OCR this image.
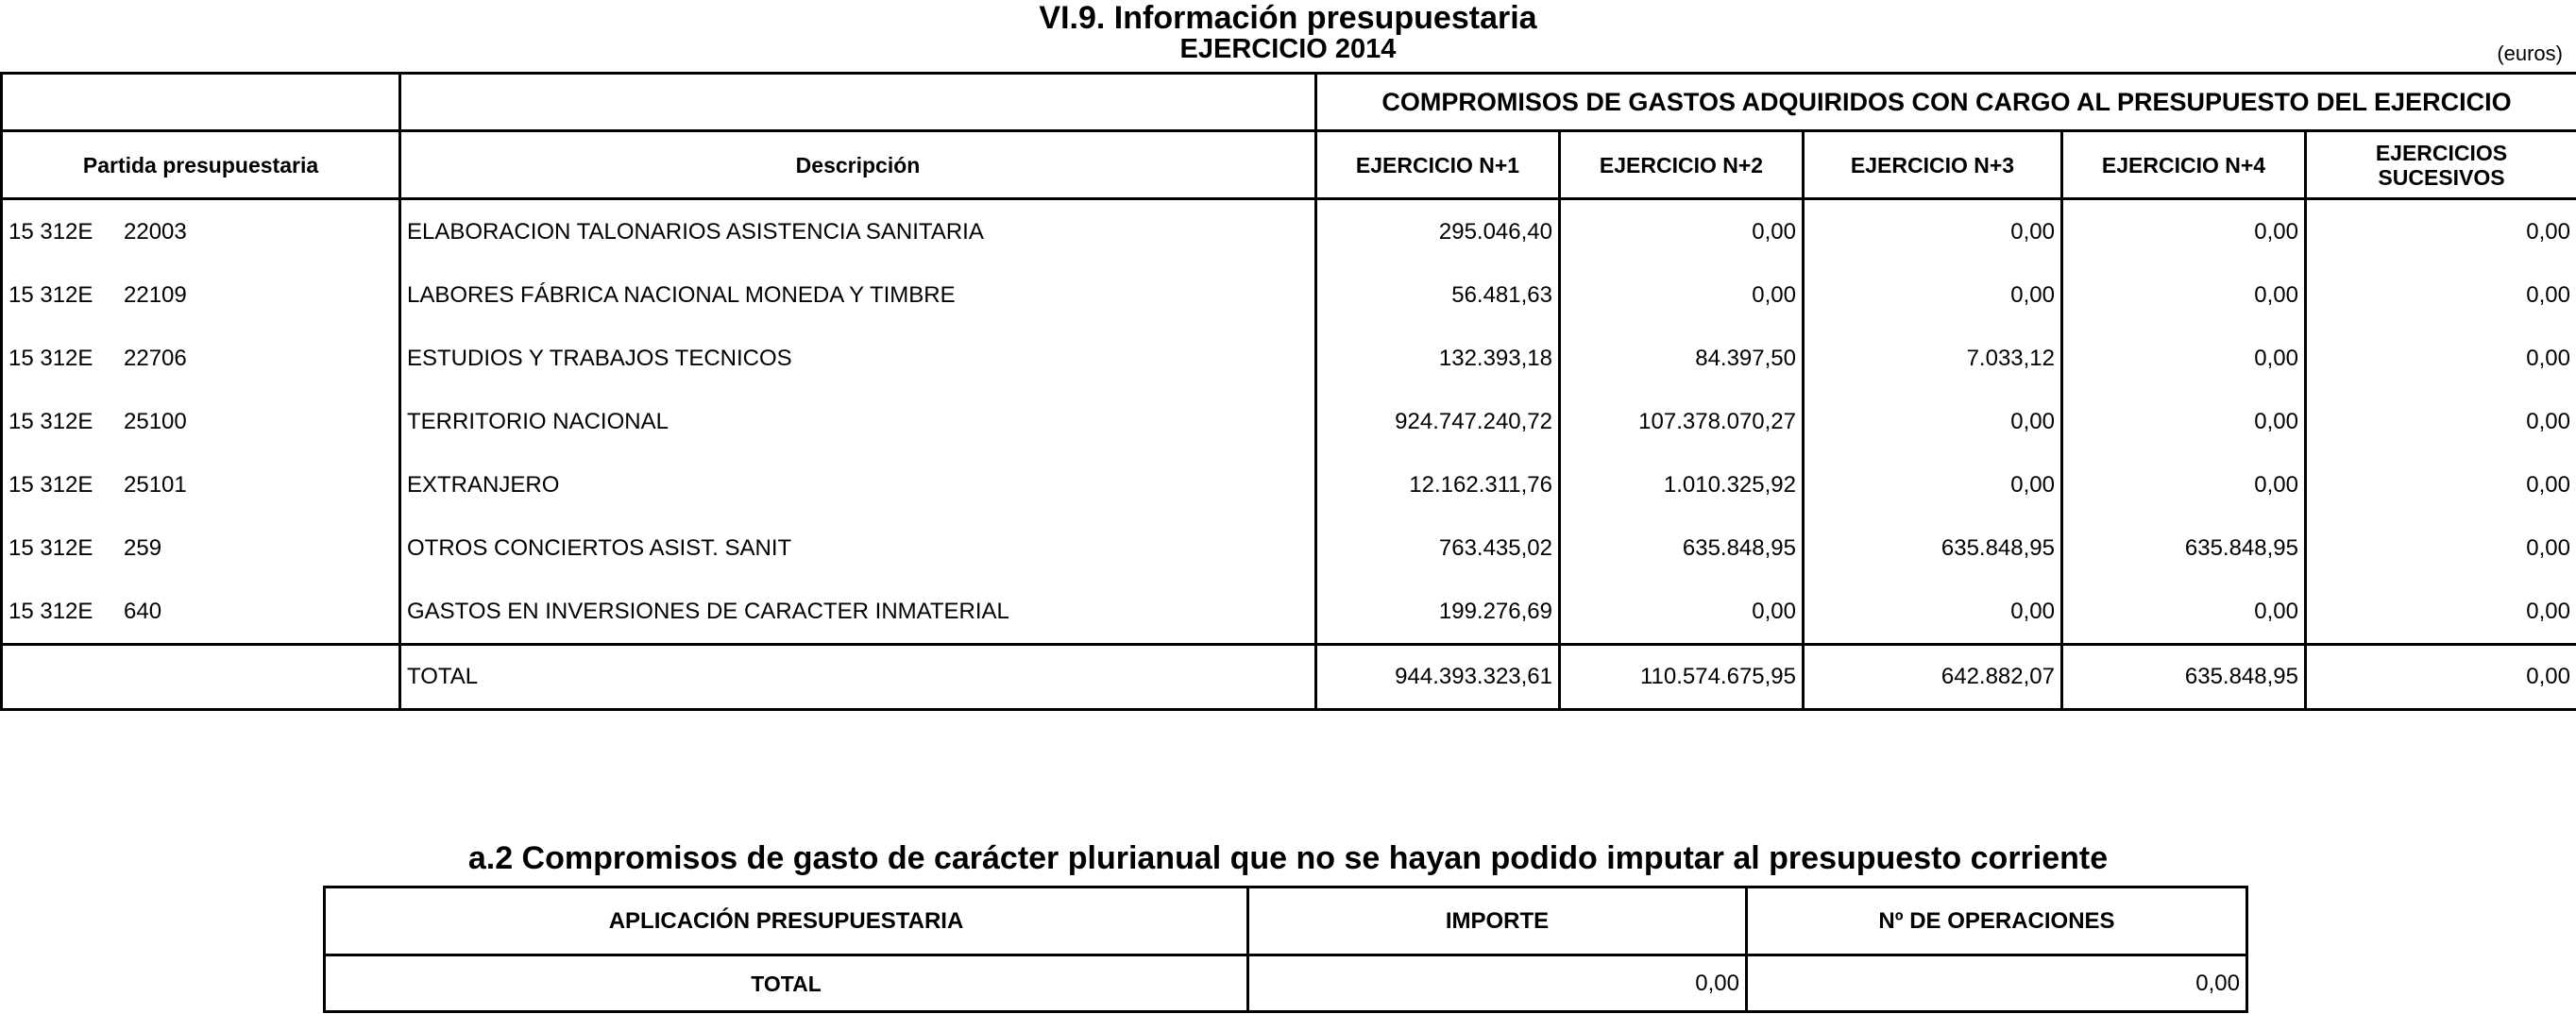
VI.9. Información presupuestaria
EJERCICIO 2014	(euros)
		COMPROMISOS DE GASTOS ADQUIRIDOS CON CARGO AL PRESUPUESTO DEL EJERCICIO				
Partida presupuestaria	Descripción	EJERCICIO N+1	EJERCICIO N+2	EJERCICIO N+3	EJERCICIO N+4	EJERCICIOS SUCESIVOS
15 312E 22003	ELABORACION TALONARIOS ASISTENCIA SANITARIA	295.046,40	0,00	0,00	0,00	0,00
15 312E 22109	LABORES FÁBRICA NACIONAL MONEDA Y TIMBRE	56.481,63	0,00	0,00	0,00	0,00
15 312E 22706	ESTUDIOS Y TRABAJOS TECNICOS	132.393,18	84.397,50	7.033,12	0,00	0,00
15 312E 25100	TERRITORIO NACIONAL	924.747.240,72	107.378.070,27	0,00	0,00	0,00
15 312E 25101	EXTRANJERO	12.162.311,76	1.010.325,92	0,00	0,00	0,00
15 312E 259	OTROS CONCIERTOS ASIST. SANIT	763.435,02	635.848,95	635.848,95	635.848,95	0,00
15 312E 640	GASTOS EN INVERSIONES DE CARACTER INMATERIAL	199.276,69	0,00	0,00	0,00	0,00
	TOTAL	944.393.323,61	110.574.675,95	642.882,07	635.848,95	0,00
a.2 Compromisos de gasto de carácter plurianual que no se hayan podido imputar al presupuesto corriente
APLICACIÓN PRESUPUESTARIA	IMPORTE	Nº DE OPERACIONES
TOTAL	0,00	0,00
